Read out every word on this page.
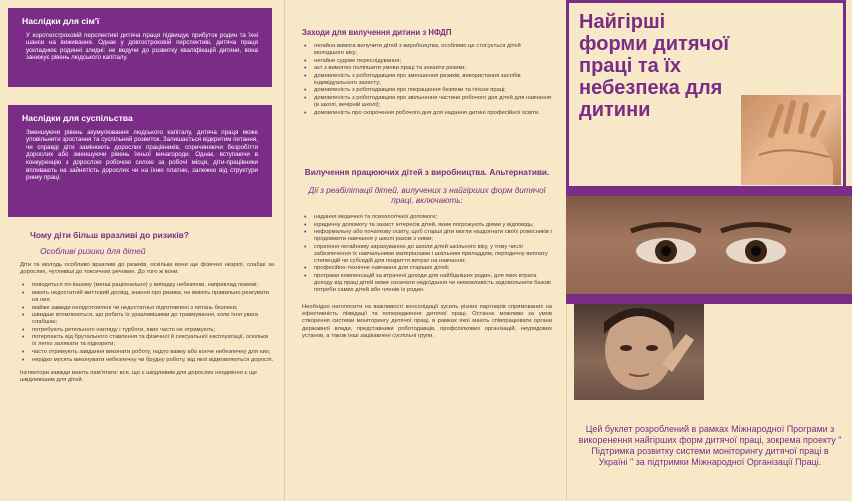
Наслідки для сім'ї
У короткостроковій перспективі дитяча праця підвищує прибуток родин та їхні шанси на виживання. Однак у довгостроковій перспективі, дитяча праця ускладнює родинні злидні: не ведучи до розвитку кваліфікацій дитини, вона занижує рівень людського капіталу.
Наслідки для суспільства
Зменшуючи рівень акумулювання людського капіталу, дитяча праця може уповільнити зростання та суспільний розвиток. Залишається відкритим питання, чи справді діти замінюють дорослих працівників, спричиняючи безробіття дорослих або зменшуючи рівень їхньої винагороди. Однак, вступаючи в конкуренцію з дорослою робочою силою за робочі місця, діти-працівники впливають на зайнятість дорослих чи на їхню платню, залежно від структури ринку праці.
Чому діти більш вразливі до ризиків?
Особливі ризики для дітей
Діти та молодь особливо вразливі до ризиків, оскільки вони ще фізично незрілі, слабші за дорослих, чутливіші до токсичних речовин. До того ж вони:
• поводяться по-іншому (менш раціонально) у випадку небезпеки, наприклад пожежі;
• мають недостатній життєвий досвід, знання про ризики, не вміють правильно реагувати на них;
• майже завжди непідготовлені чи недостатньо підготовлені з питань безпеки;
• швидше втомлюються, що робить їх уразливішими до травмування, коли їхня увага слабшає;
• потребують ретельного нагляду і турботи, яких часто не отримують;
• потерпають від брутального ставлення та фізичної й сексуальної експлуатації, оскільки їх легко залякати та підкорити;
• часто отримують завдання виконати роботу, надто важку або конче небезпечну для них;
• нерідко мусять виконувати небезпечну чи брудну роботу, від якої відмовляються дорослі.
Інспектори завжди мають пам'ятати: все, що є шкідливим для дорослих неодмінно є ще шкідливішим для дітей.
Заходи для вилучення дитини з НФДП
• негайна вимога вилучити дітей з виробництва, особливо це стосується дітей молодшого віку;
• негайне судове переслідування;
• акт з вимогою поліпшити умови праці та знизити ризики;
• домовленість з роботодавцем про зменшення ризиків, використання засобів індивідуального захисту;
• домовленість з роботодавцем про покращення безпеки та гігієни праці;
• домовленість з роботодавцем про звільнення частини робочого дня дітей для навчання (в школі, вечірній школі);
• домовленість про скорочення робочого дня для надання дитині професійної освіти.
Вилучення працюючих дітей з виробництва. Альтернативи.
Дії з реабілітації дітей, вилучених з найгірших форм дитячої праці, включають:
• надання медичної та психологічної допомоги;
• юридичну допомогу та захист інтересів дітей, яким погрожують діями у відповідь;
• неформальну або початкову освіту, щоб старші діти могли наздогнати своїх ровесників і продовжити навчання у школі разом з ними;
• сприяння негайному зарахуванню до школи дітей шкільного віку, у тому числі забезпечення їх навчальними матеріалами і шкільним приладдям, періодичну виплату стипендій чи субсидій для покриття витрат на навчання;
• професійно-технічне навчання для старших дітей;
• програми компенсацій за втрачені доходи для найбідніших родин, для яких втрата доходу від праці дітей може означати недоїдання чи неможливість задовольнити базові потреби самих дітей або членів їх родин.
Необхідно наголосити на важливості консолідації зусиль різних партнерів спрямованих на ефективність ліквідації та попередження дитячої праці. Останнє можливо за умов створення системи моніторингу дитячої праці, в рамках якої мають співпрацювати органи державної влади, представники роботодавців, профспілкових організацій, неурядових установ, а також інші зацікавлені суспільні групи.
Найгірші форми дитячої праці та їх небезпека для дитини
Цей буклет розроблений в рамках Міжнародної Програми з викоренення найгірших форм дитячої праці, зокрема проекту " Підтримка розвитку системи моніторингу дитячої праці в Україні " за підтримки Міжнародної Організації Праці.
